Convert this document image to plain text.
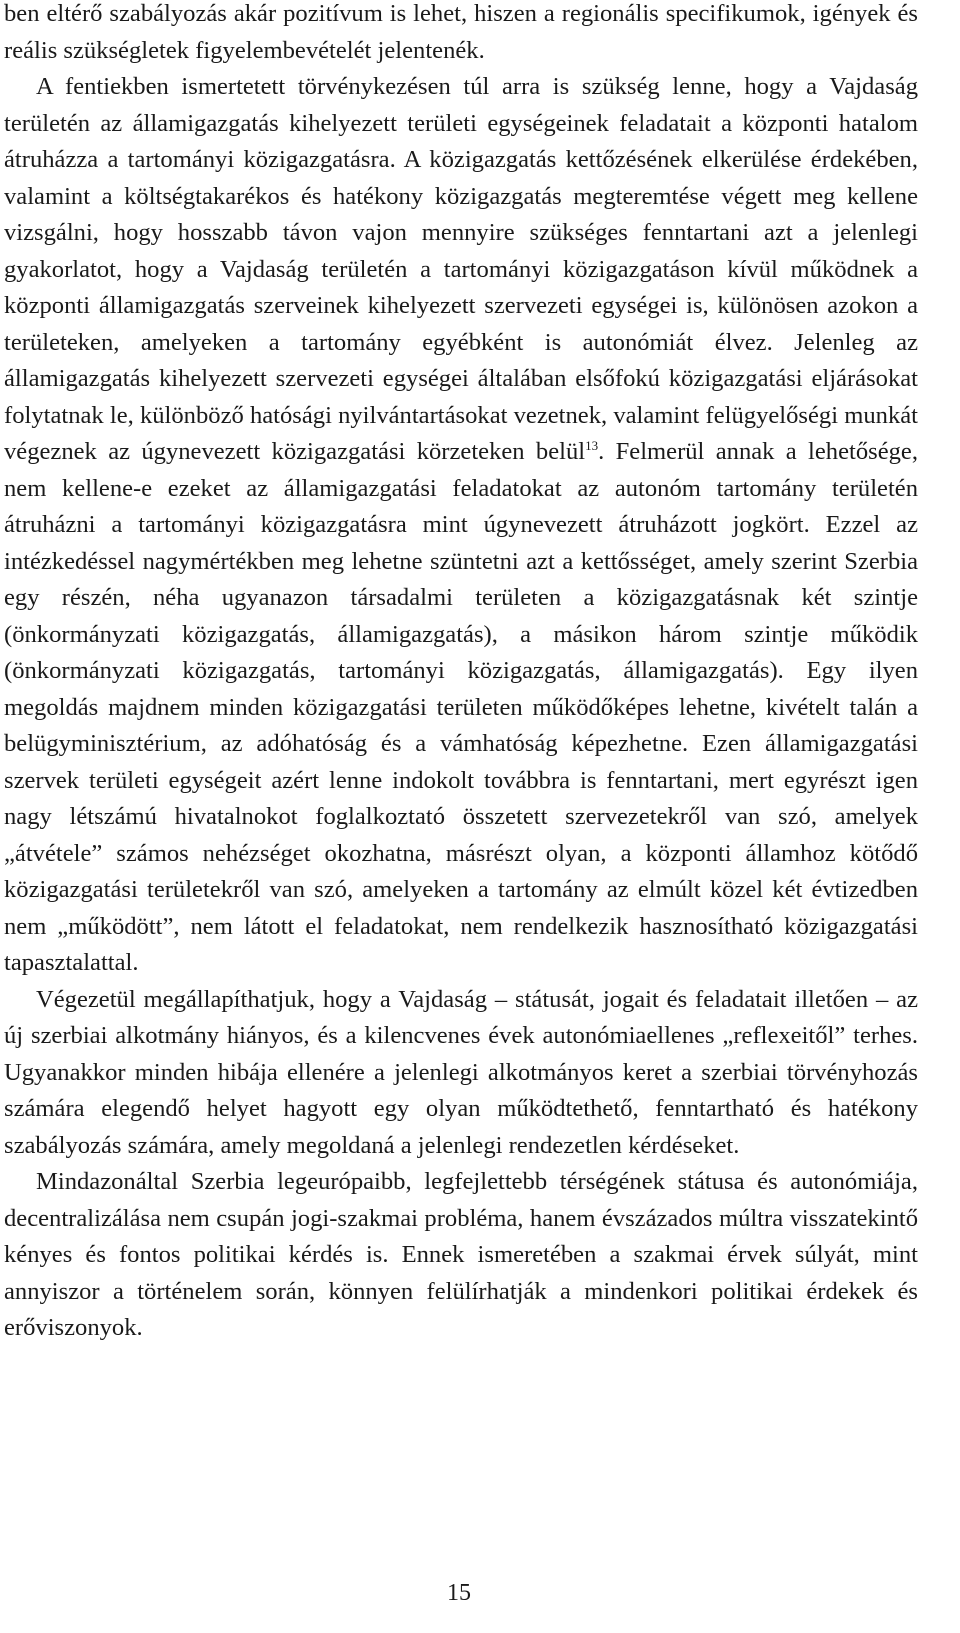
ben eltérő szabályozás akár pozitívum is lehet, hiszen a regionális specifikumok, igények és reális szükségletek figyelembevételét jelentenék.

A fentiekben ismertetett törvénykezésen túl arra is szükség lenne, hogy a Vajdaság területén az államigazgatás kihelyezett területi egységeinek feladatait a központi hatalom átruházza a tartományi közigazgatásra. A közigazgatás kettőzésének elkerülése érdekében, valamint a költségtakarékos és hatékony közigazgatás megteremtése végett meg kellene vizsgálni, hogy hosszabb távon vajon mennyire szükséges fenntartani azt a jelenlegi gyakorlatot, hogy a Vajdaság területén a tartományi közigazgatáson kívül működnek a központi államigazgatás szerveinek kihelyezett szervezeti egységei is, különösen azokon a területeken, amelyeken a tartomány egyébként is autonómiát élvez. Jelenleg az államigazgatás kihelyezett szervezeti egységei általában elsőfokú közigazgatási eljárásokat folytatnak le, különböző hatósági nyilvántartásokat vezetnek, valamint felügyelőségi munkát végeznek az úgynevezett közigazgatási körzeteken belül$^{13}$. Felmerül annak a lehetősége, nem kellene-e ezeket az államigazgatási feladatokat az autonóm tartomány területén átruházni a tartományi közigazgatásra mint úgynevezett átruházott jogkört. Ezzel az intézkedéssel nagymértékben meg lehetne szüntetni azt a kettősséget, amely szerint Szerbia egy részén, néha ugyanazon társadalmi területen a közigazgatásnak két szintje (önkormányzati közigazgatás, államigazgatás), a másikon három szintje működik (önkormányzati közigazgatás, tartományi közigazgatás, államigazgatás). Egy ilyen megoldás majdnem minden közigazgatási területen működőképes lehetne, kivételt talán a belügyminisztérium, az adóhatóság és a vámhatóság képezhetne. Ezen államigazgatási szervek területi egységeit azért lenne indokolt továbbra is fenntartani, mert egyrészt igen nagy létszámú hivatalnokot foglalkoztató összetett szervezetekről van szó, amelyek „átvétele” számos nehézséget okozhatna, másrészt olyan, a központi államhoz kötődő közigazgatási területekről van szó, amelyeken a tartomány az elmúlt közel két évtizedben nem „működött”, nem látott el feladatokat, nem rendelkezik hasznosítható közigazgatási tapasztalattal.

Végezetül megállapíthatjuk, hogy a Vajdaság – státusát, jogait és feladatait illetően – az új szerbiai alkotmány hiányos, és a kilencvenes évek autonómiaellenes „reflexeitől” terhes. Ugyanakkor minden hibája ellenére a jelenlegi alkotmányos keret a szerbiai törvényhozás számára elegendő helyet hagyott egy olyan működtethető, fenntartható és hatékony szabályozás számára, amely megoldaná a jelenlegi rendezetlen kérdéseket.

Mindazonáltal Szerbia legeurópaibb, legfejlettebb térségének státusa és autonómiája, decentralizálása nem csupán jogi-szakmai probléma, hanem évszázados múltra visszatekintő kényes és fontos politikai kérdés is. Ennek ismeretében a szakmai érvek súlyát, mint annyiszor a történelem során, könnyen felülírhatják a mindenkori politikai érdekek és erőviszonyok.

15
